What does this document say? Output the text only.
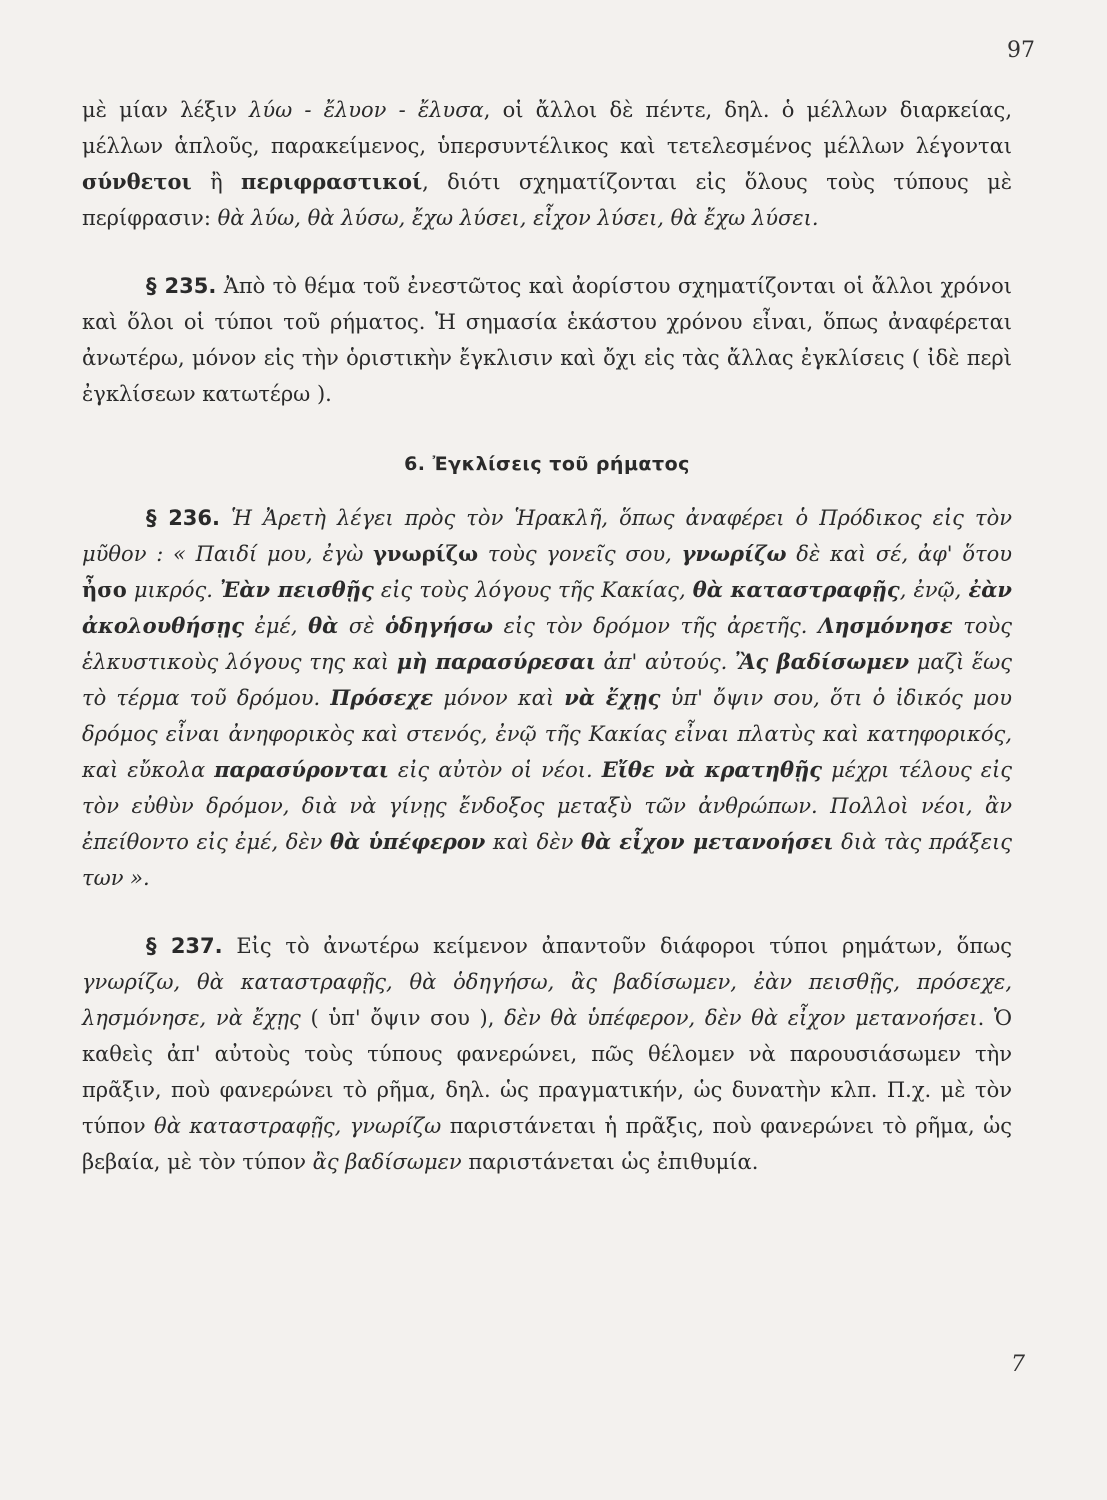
97

μὲ μίαν λέξιν λύω - ἔλυον - ἔλυσα, οἱ ἄλλοι δὲ πέντε, δηλ. ὁ μέλλων διαρκείας, μέλλων ἁπλοῦς, παρακείμενος, ὑπερσυντέλικος καὶ τετελεσμένος μέλλων λέγονται σύνθετοι ἢ περιφραστικοί, διότι σχηματίζονται εἰς ὅλους τοὺς τύπους μὲ περίφρασιν: θὰ λύω, θὰ λύσω, ἔχω λύσει, εἶχον λύσει, θὰ ἔχω λύσει.

§ 235. Ἀπὸ τὸ θέμα τοῦ ἐνεστῶτος καὶ ἀορίστου σχηματίζονται οἱ ἄλλοι χρόνοι καὶ ὅλοι οἱ τύποι τοῦ ρήματος. Ἡ σημασία ἑκάστου χρόνου εἶναι, ὅπως ἀναφέρεται ἀνωτέρω, μόνον εἰς τὴν ὁριστικὴν ἔγκλισιν καὶ ὄχι εἰς τὰς ἄλλας ἐγκλίσεις ( ἰδὲ περὶ ἐγκλίσεων κατωτέρω ).

6. Ἐγκλίσεις τοῦ ρήματος

§ 236. Ἡ Ἀρετὴ λέγει πρὸς τὸν Ἡρακλῆ, ὅπως ἀναφέρει ὁ Πρόδικος εἰς τὸν μῦθον : « Παιδί μου, ἐγὼ γνωρίζω τοὺς γονεῖς σου, γνωρίζω δὲ καὶ σέ, ἀφ' ὅτου ἦσο μικρός. Ἐὰν πεισθῇς εἰς τοὺς λόγους τῆς Κακίας, θὰ καταστραφῇς, ἐνῷ, ἐὰν ἀκολουθήσῃς ἐμέ, θὰ σὲ ὁδηγήσω εἰς τὸν δρόμον τῆς ἀρετῆς. Λησμόνησε τοὺς ἑλκυστικοὺς λόγους της καὶ μὴ παρασύρεσαι ἀπ' αὐτούς. Ἂς βαδίσωμεν μαζὶ ἕως τὸ τέρμα τοῦ δρόμου. Πρόσεχε μόνον καὶ νὰ ἔχῃς ὑπ' ὄψιν σου, ὅτι ὁ ἰδικός μου δρόμος εἶναι ἀνηφορικὸς καὶ στενός, ἐνῷ τῆς Κακίας εἶναι πλατὺς καὶ κατηφορικός, καὶ εὔκολα παρασύρονται εἰς αὐτὸν οἱ νέοι. Εἴθε νὰ κρατηθῇς μέχρι τέλους εἰς τὸν εὐθὺν δρόμον, διὰ νὰ γίνῃς ἔνδοξος μεταξὺ τῶν ἀνθρώπων. Πολλοὶ νέοι, ἂν ἐπείθοντο εἰς ἐμέ, δὲν θὰ ὑπέφερον καὶ δὲν θὰ εἶχον μετανοήσει διὰ τὰς πράξεις των ».

§ 237. Εἰς τὸ ἀνωτέρω κείμενον ἀπαντοῦν διάφοροι τύποι ρημάτων, ὅπως γνωρίζω, θὰ καταστραφῇς, θὰ ὁδηγήσω, ἂς βαδίσωμεν, ἐὰν πεισθῇς, πρόσεχε, λησμόνησε, νὰ ἔχῃς ( ὑπ' ὄψιν σου ), δὲν θὰ ὑπέφερον, δὲν θὰ εἶχον μετανοήσει. Ὁ καθεὶς ἀπ' αὐτοὺς τοὺς τύπους φανερώνει, πῶς θέλομεν νὰ παρουσιάσωμεν τὴν πρᾶξιν, ποὺ φανερώνει τὸ ρῆμα, δηλ. ὡς πραγματικήν, ὡς δυνατὴν κλπ. Π.χ. μὲ τὸν τύπον θὰ καταστραφῇς, γνωρίζω παριστάνεται ἡ πρᾶξις, ποὺ φανερώνει τὸ ρῆμα, ὡς βεβαία, μὲ τὸν τύπον ἂς βαδίσωμεν παριστάνεται ὡς ἐπιθυμία.

7
